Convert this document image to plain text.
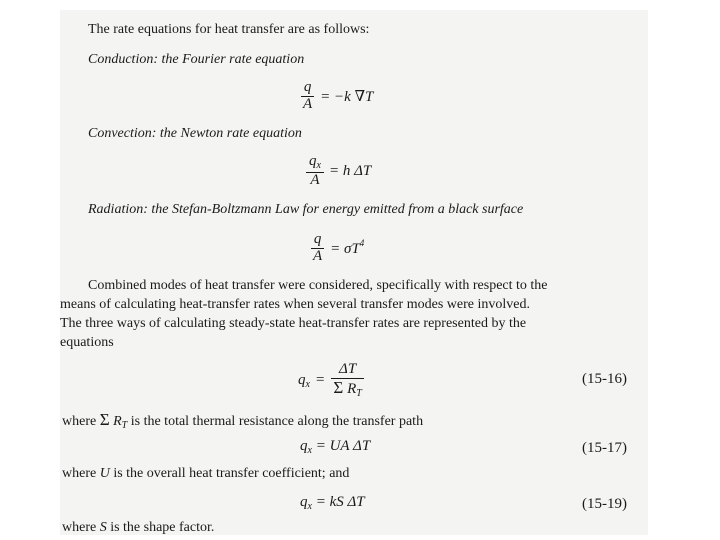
The rate equations for heat transfer are as follows:
Conduction: the Fourier rate equation
$\frac{q}{A} = -k$ ∇T
Convection: the Newton rate equation
$\frac{q_x}{A} = h$ ΔT
Radiation: the Stefan-Boltzmann Law for energy emitted from a black surface
$\frac{q}{A} = \sigma T^4$
Combined modes of heat transfer were considered, specifically with respect to the
means of calculating heat-transfer rates when several transfer modes were involved.
The three ways of calculating steady-state heat-transfer rates are represented by the
equations
$q_x = \frac{\Delta T}{\Sigma R_T}$	(15-16)
where Σ $R_T$ is the total thermal resistance along the transfer path
$q_x$ = UA ΔT	(15-17)
where U is the overall heat transfer coefficient; and
$q_x$ = kS ΔT	(15-19)
where S is the shape factor.
